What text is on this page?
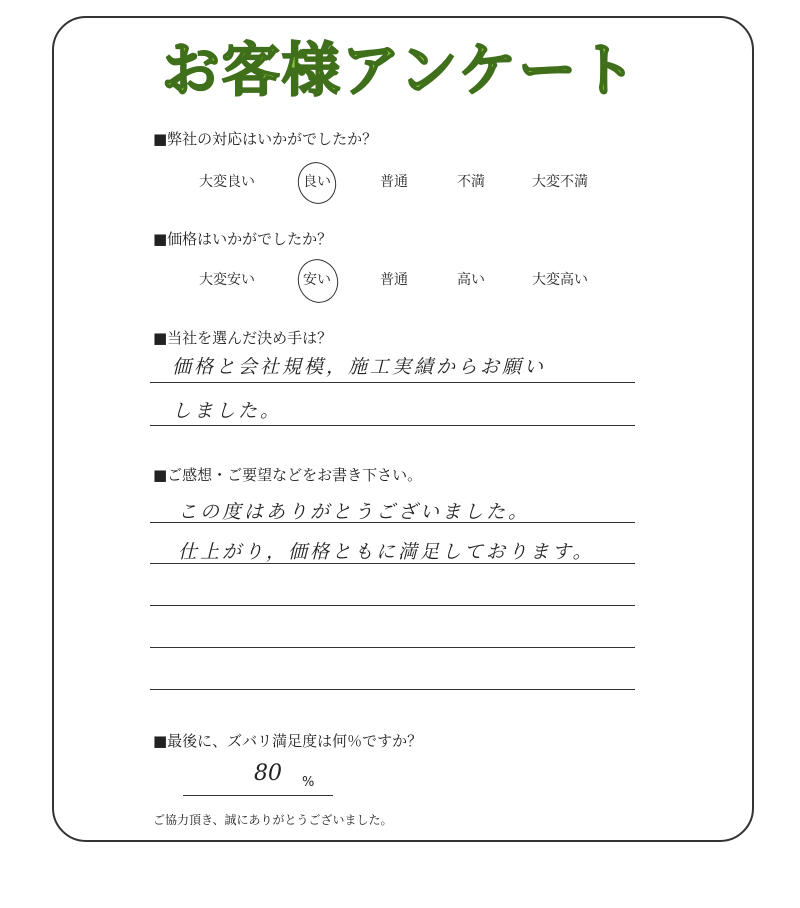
お客様アンケート
■弊社の対応はいかがでしたか？
大変良い	良い	普通	不満	大変不満
■価格はいかがでしたか？
大変安い	安い	普通	高い	大変高い
■当社を選んだ決め手は？
価格と会社規模，施工実績からお願い
しました。
■ご感想・ご要望などをお書き下さい。
この度はありがとうございました。
仕上がり，価格ともに満足しております。
■最後に、ズバリ満足度は何％ですか？
80 %
ご協力頂き、誠にありがとうございました。
